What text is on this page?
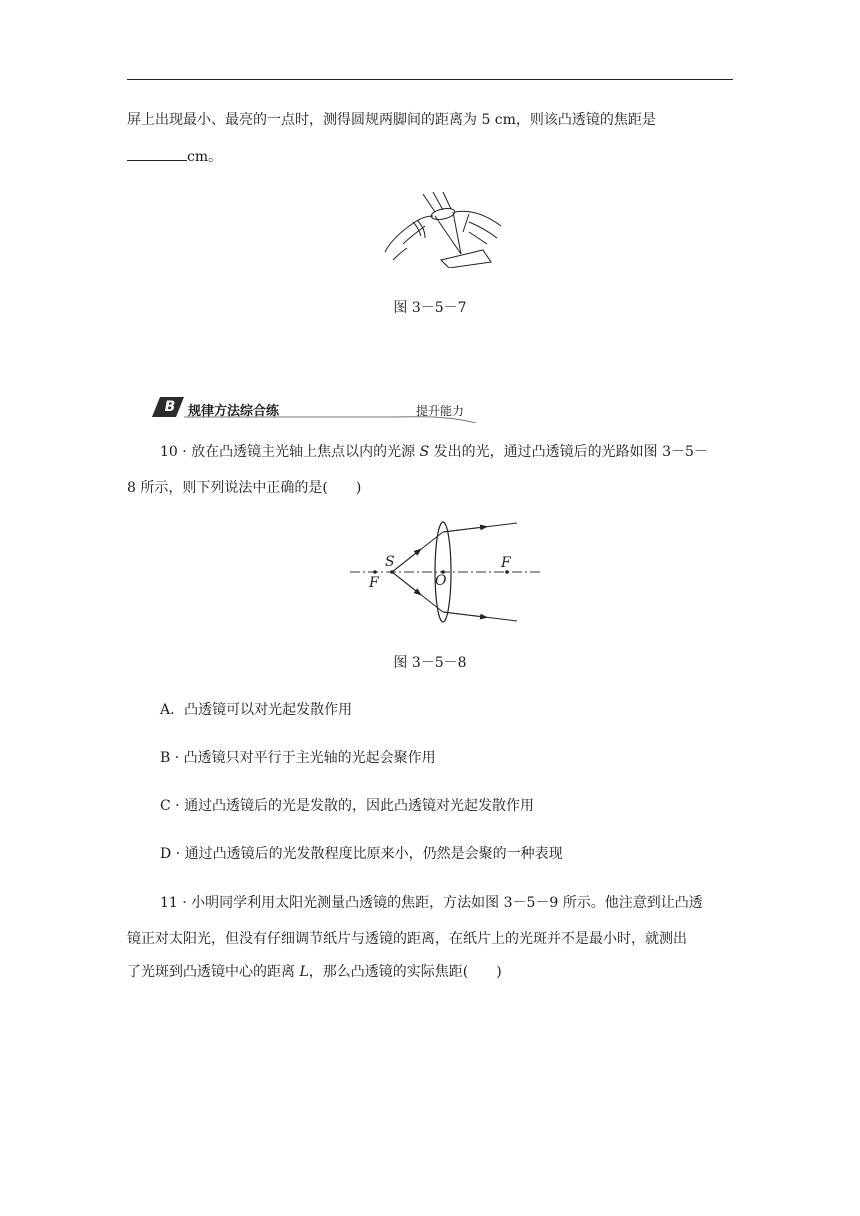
屏上出现最小、最亮的一点时，测得圆规两脚间的距离为 5 cm，则该凸透镜的焦距是
cm。
图 3－5－7
B 规律方法综合练	提升能力
10 · 放在凸透镜主光轴上焦点以内的光源 S 发出的光，通过凸透镜后的光路如图 3－5－
8 所示，则下列说法中正确的是(　　)
S
F	O
F
图 3－5－8
A．凸透镜可以对光起发散作用
B · 凸透镜只对平行于主光轴的光起会聚作用
C · 通过凸透镜后的光是发散的，因此凸透镜对光起发散作用
D · 通过凸透镜后的光发散程度比原来小，仍然是会聚的一种表现
11 · 小明同学利用太阳光测量凸透镜的焦距，方法如图 3－5－9 所示。他注意到让凸透
镜正对太阳光，但没有仔细调节纸片与透镜的距离，在纸片上的光斑并不是最小时，就测出
了光斑到凸透镜中心的距离 L，那么凸透镜的实际焦距(　　)
